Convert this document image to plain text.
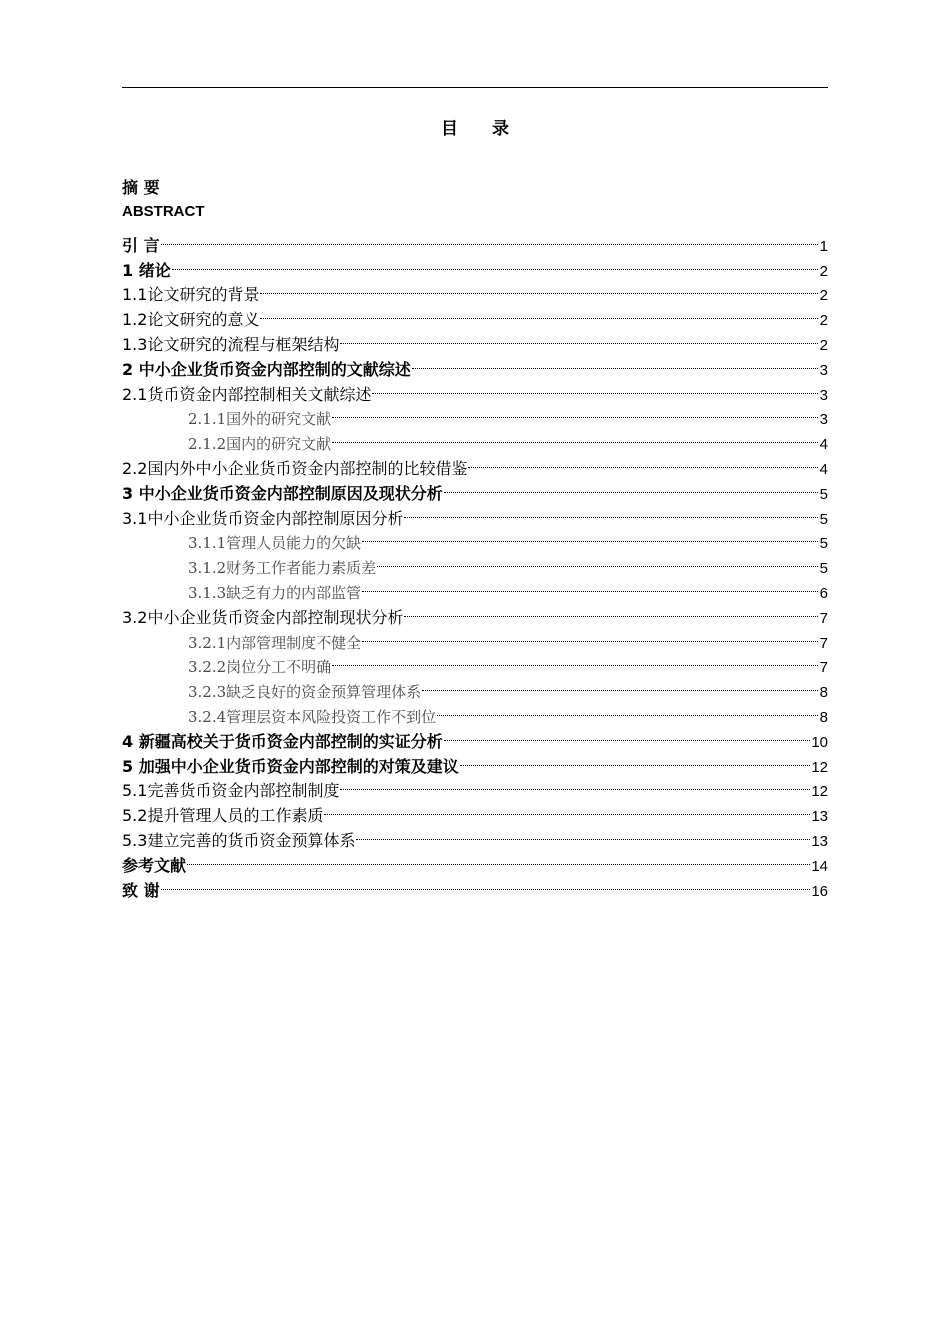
目 录
摘 要
ABSTRACT
引 言	1
1 绪论	2
1.1论文研究的背景	2
1.2论文研究的意义	2
1.3论文研究的流程与框架结构	2
2 中小企业货币资金内部控制的文献综述	3
2.1货币资金内部控制相关文献综述	3
2.1.1国外的研究文献	3
2.1.2国内的研究文献	4
2.2国内外中小企业货币资金内部控制的比较借鉴	4
3 中小企业货币资金内部控制原因及现状分析	5
3.1中小企业货币资金内部控制原因分析	5
3.1.1管理人员能力的欠缺	5
3.1.2财务工作者能力素质差	5
3.1.3缺乏有力的内部监管	6
3.2中小企业货币资金内部控制现状分析	7
3.2.1内部管理制度不健全	7
3.2.2岗位分工不明确	7
3.2.3缺乏良好的资金预算管理体系	8
3.2.4管理层资本风险投资工作不到位	8
4 新疆高校关于货币资金内部控制的实证分析	10
5 加强中小企业货币资金内部控制的对策及建议	12
5.1完善货币资金内部控制制度	12
5.2提升管理人员的工作素质	13
5.3建立完善的货币资金预算体系	13
参考文献	14
致 谢	16
